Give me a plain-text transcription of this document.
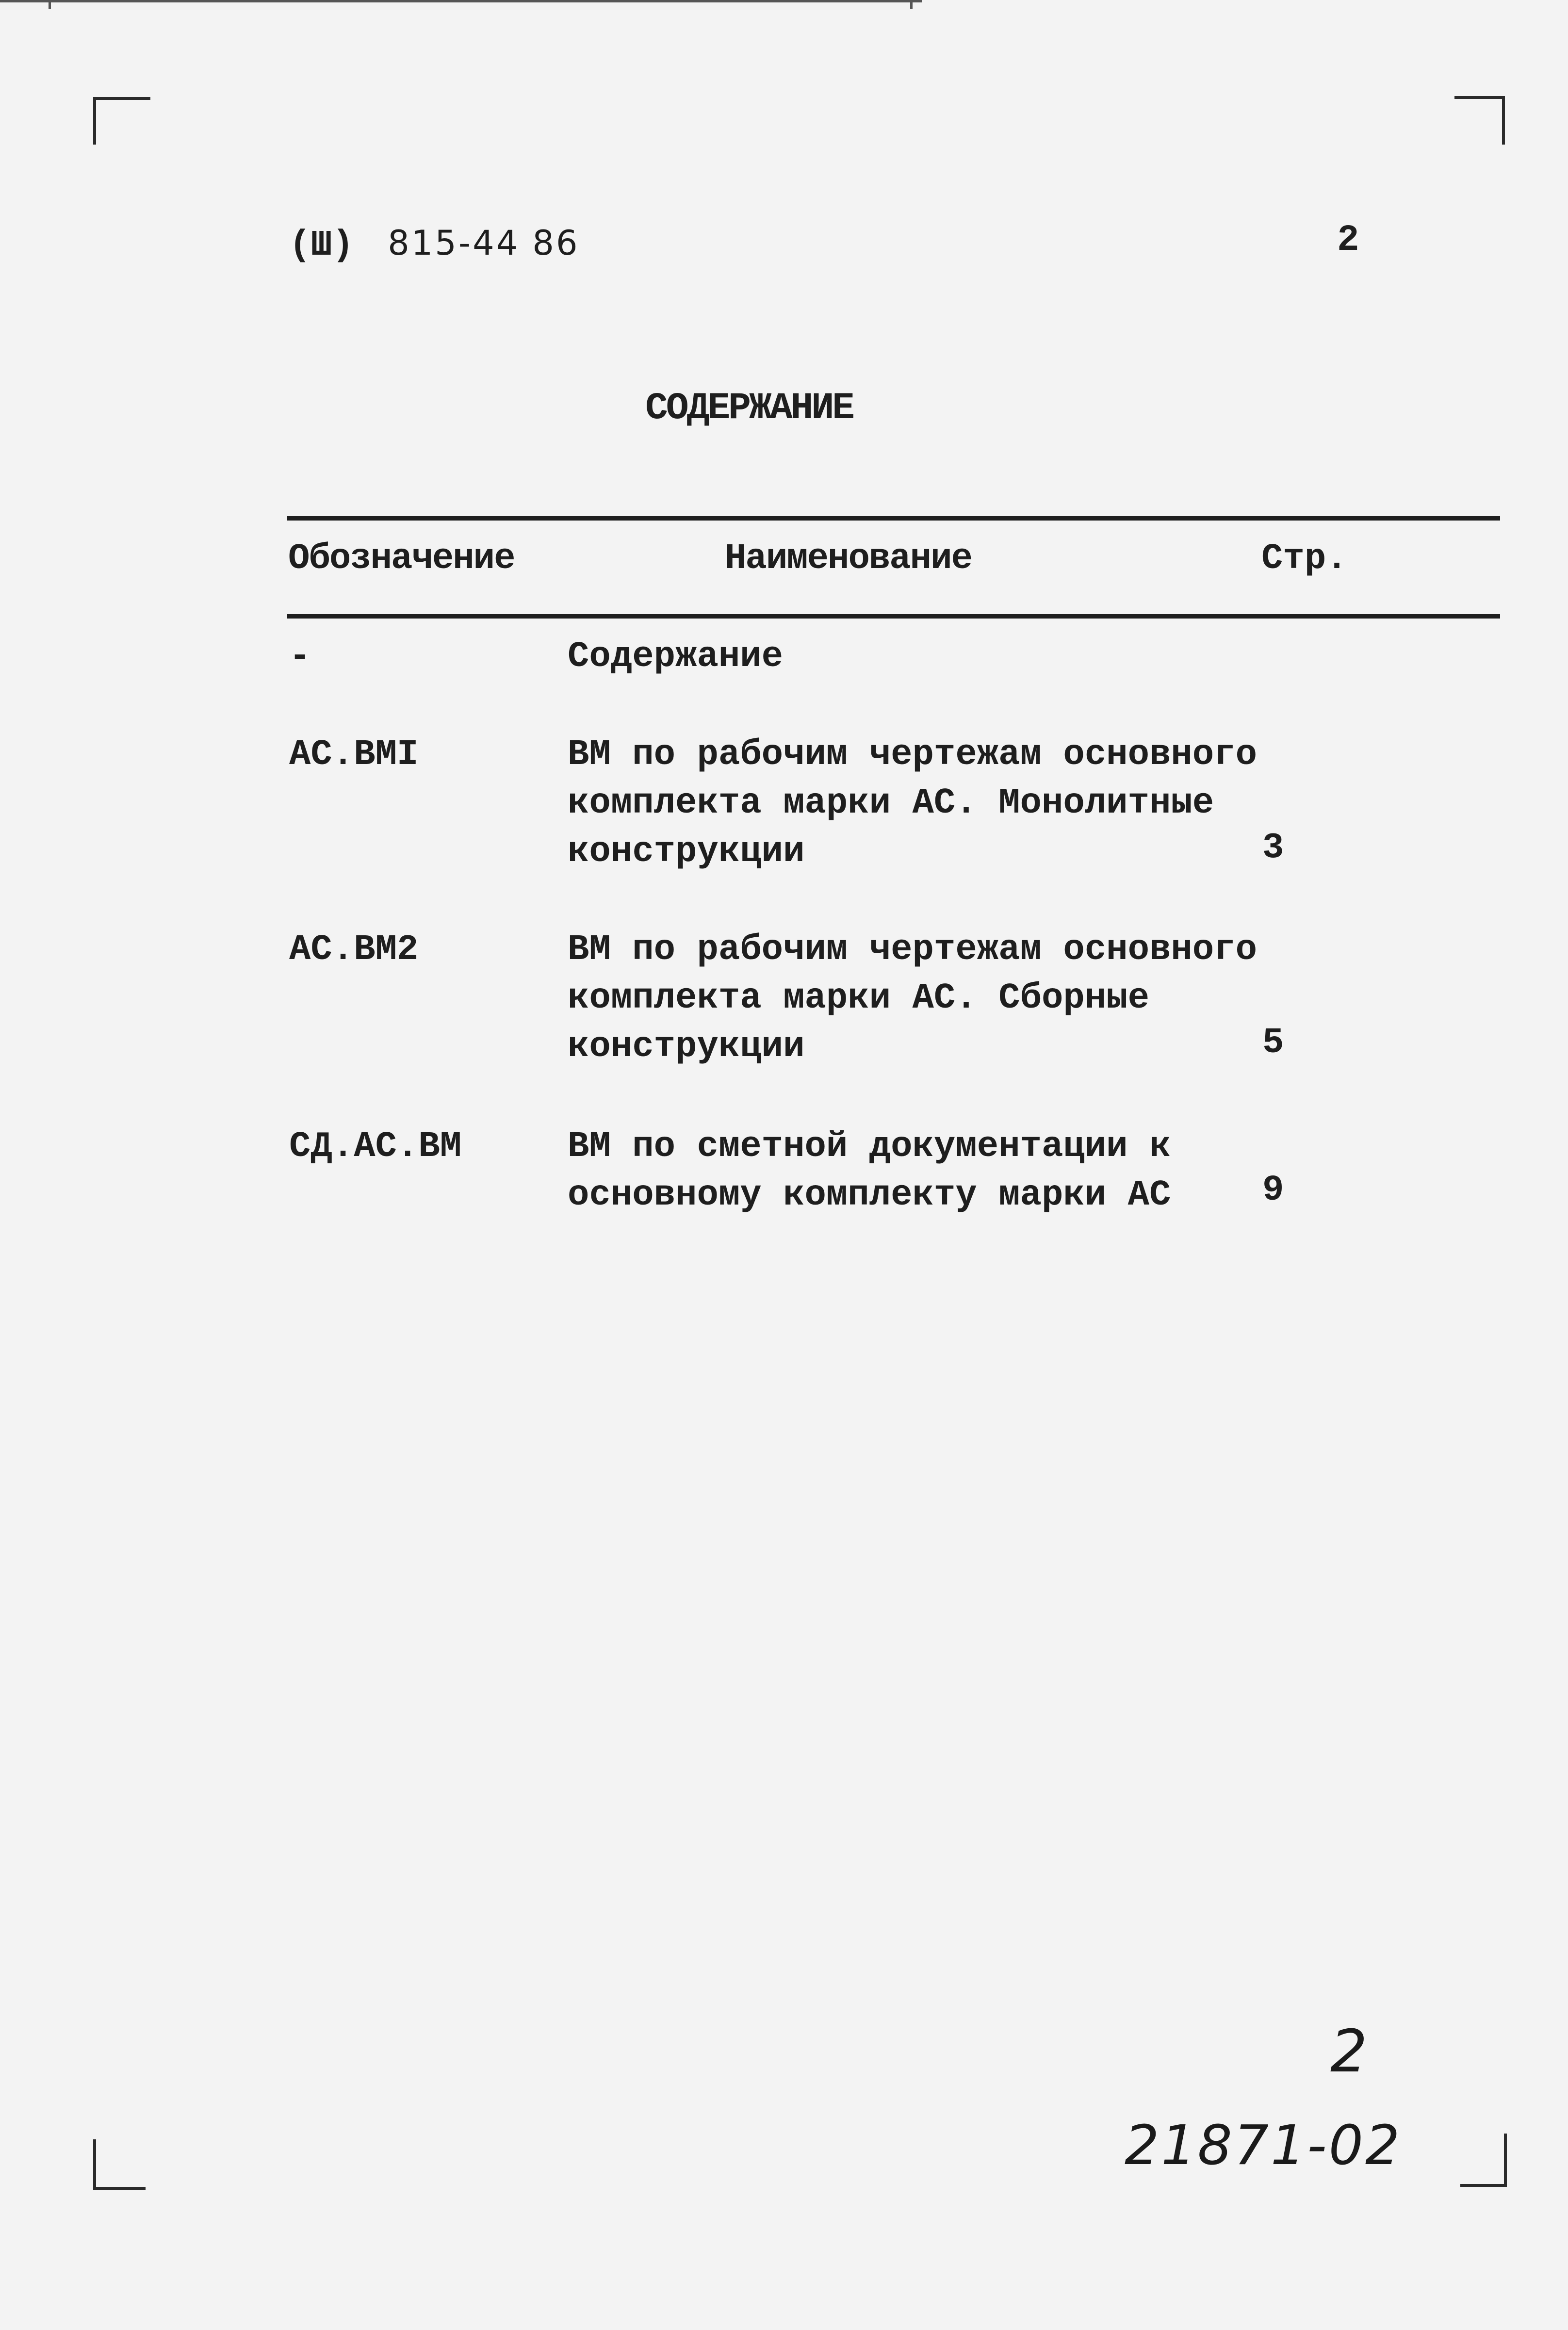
(Ш) 815-44 86	2
СОДЕРЖАНИЕ
Обозначение	Наименование	Стр.
-	Содержание
АС.ВМI	ВМ по рабочим чертежам основного
комплекта марки АС. Монолитные
конструкции	3
АС.ВМ2	ВМ по рабочим чертежам основного
комплекта марки АС. Сборные
конструкции	5
СД.АС.ВМ	ВМ по сметной документации к
основному комплекту марки АС	9
2
21871-02
